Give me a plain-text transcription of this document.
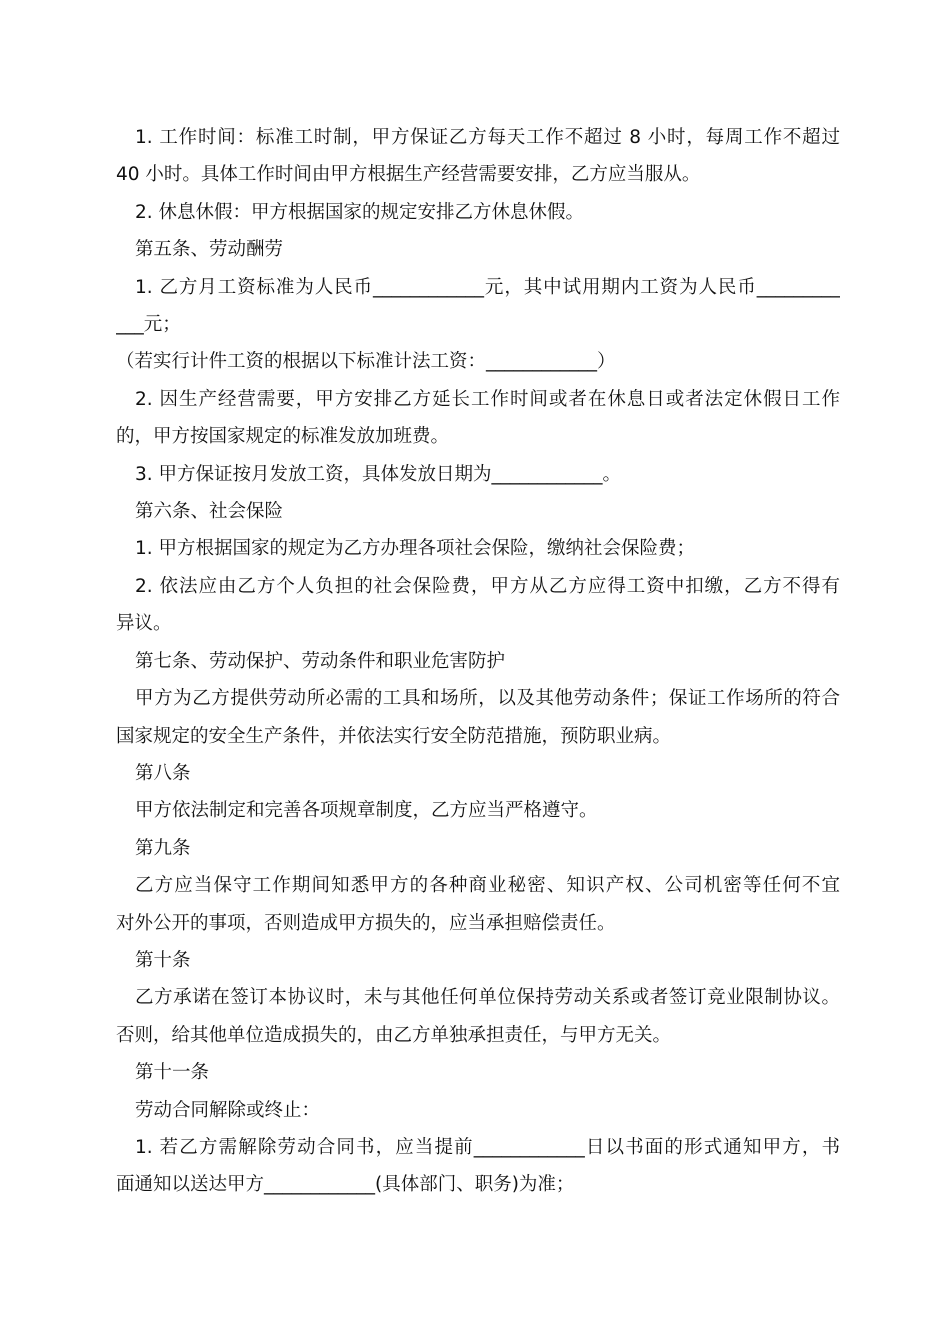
1. 工作时间：标准工时制，甲方保证乙方每天工作不超过 8 小时，每周工作不超过

40 小时。具体工作时间由甲方根据生产经营需要安排，乙方应当服从。

2. 休息休假：甲方根据国家的规定安排乙方休息休假。

第五条、劳动酬劳

1. 乙方月工资标准为人民币____________元，其中试用期内工资为人民币_________

___元；

（若实行计件工资的根据以下标准计法工资：____________）

2. 因生产经营需要，甲方安排乙方延长工作时间或者在休息日或者法定休假日工作

的，甲方按国家规定的标准发放加班费。

3. 甲方保证按月发放工资，具体发放日期为____________。

第六条、社会保险

1. 甲方根据国家的规定为乙方办理各项社会保险，缴纳社会保险费；

2. 依法应由乙方个人负担的社会保险费，甲方从乙方应得工资中扣缴，乙方不得有

异议。

第七条、劳动保护、劳动条件和职业危害防护

甲方为乙方提供劳动所必需的工具和场所，以及其他劳动条件；保证工作场所的符合

国家规定的安全生产条件，并依法实行安全防范措施，预防职业病。

第八条

甲方依法制定和完善各项规章制度，乙方应当严格遵守。

第九条

乙方应当保守工作期间知悉甲方的各种商业秘密、知识产权、公司机密等任何不宜

对外公开的事项，否则造成甲方损失的，应当承担赔偿责任。

第十条

乙方承诺在签订本协议时，未与其他任何单位保持劳动关系或者签订竞业限制协议。

否则，给其他单位造成损失的，由乙方单独承担责任，与甲方无关。

第十一条

劳动合同解除或终止：

1. 若乙方需解除劳动合同书，应当提前____________日以书面的形式通知甲方，书

面通知以送达甲方____________(具体部门、职务)为准；
